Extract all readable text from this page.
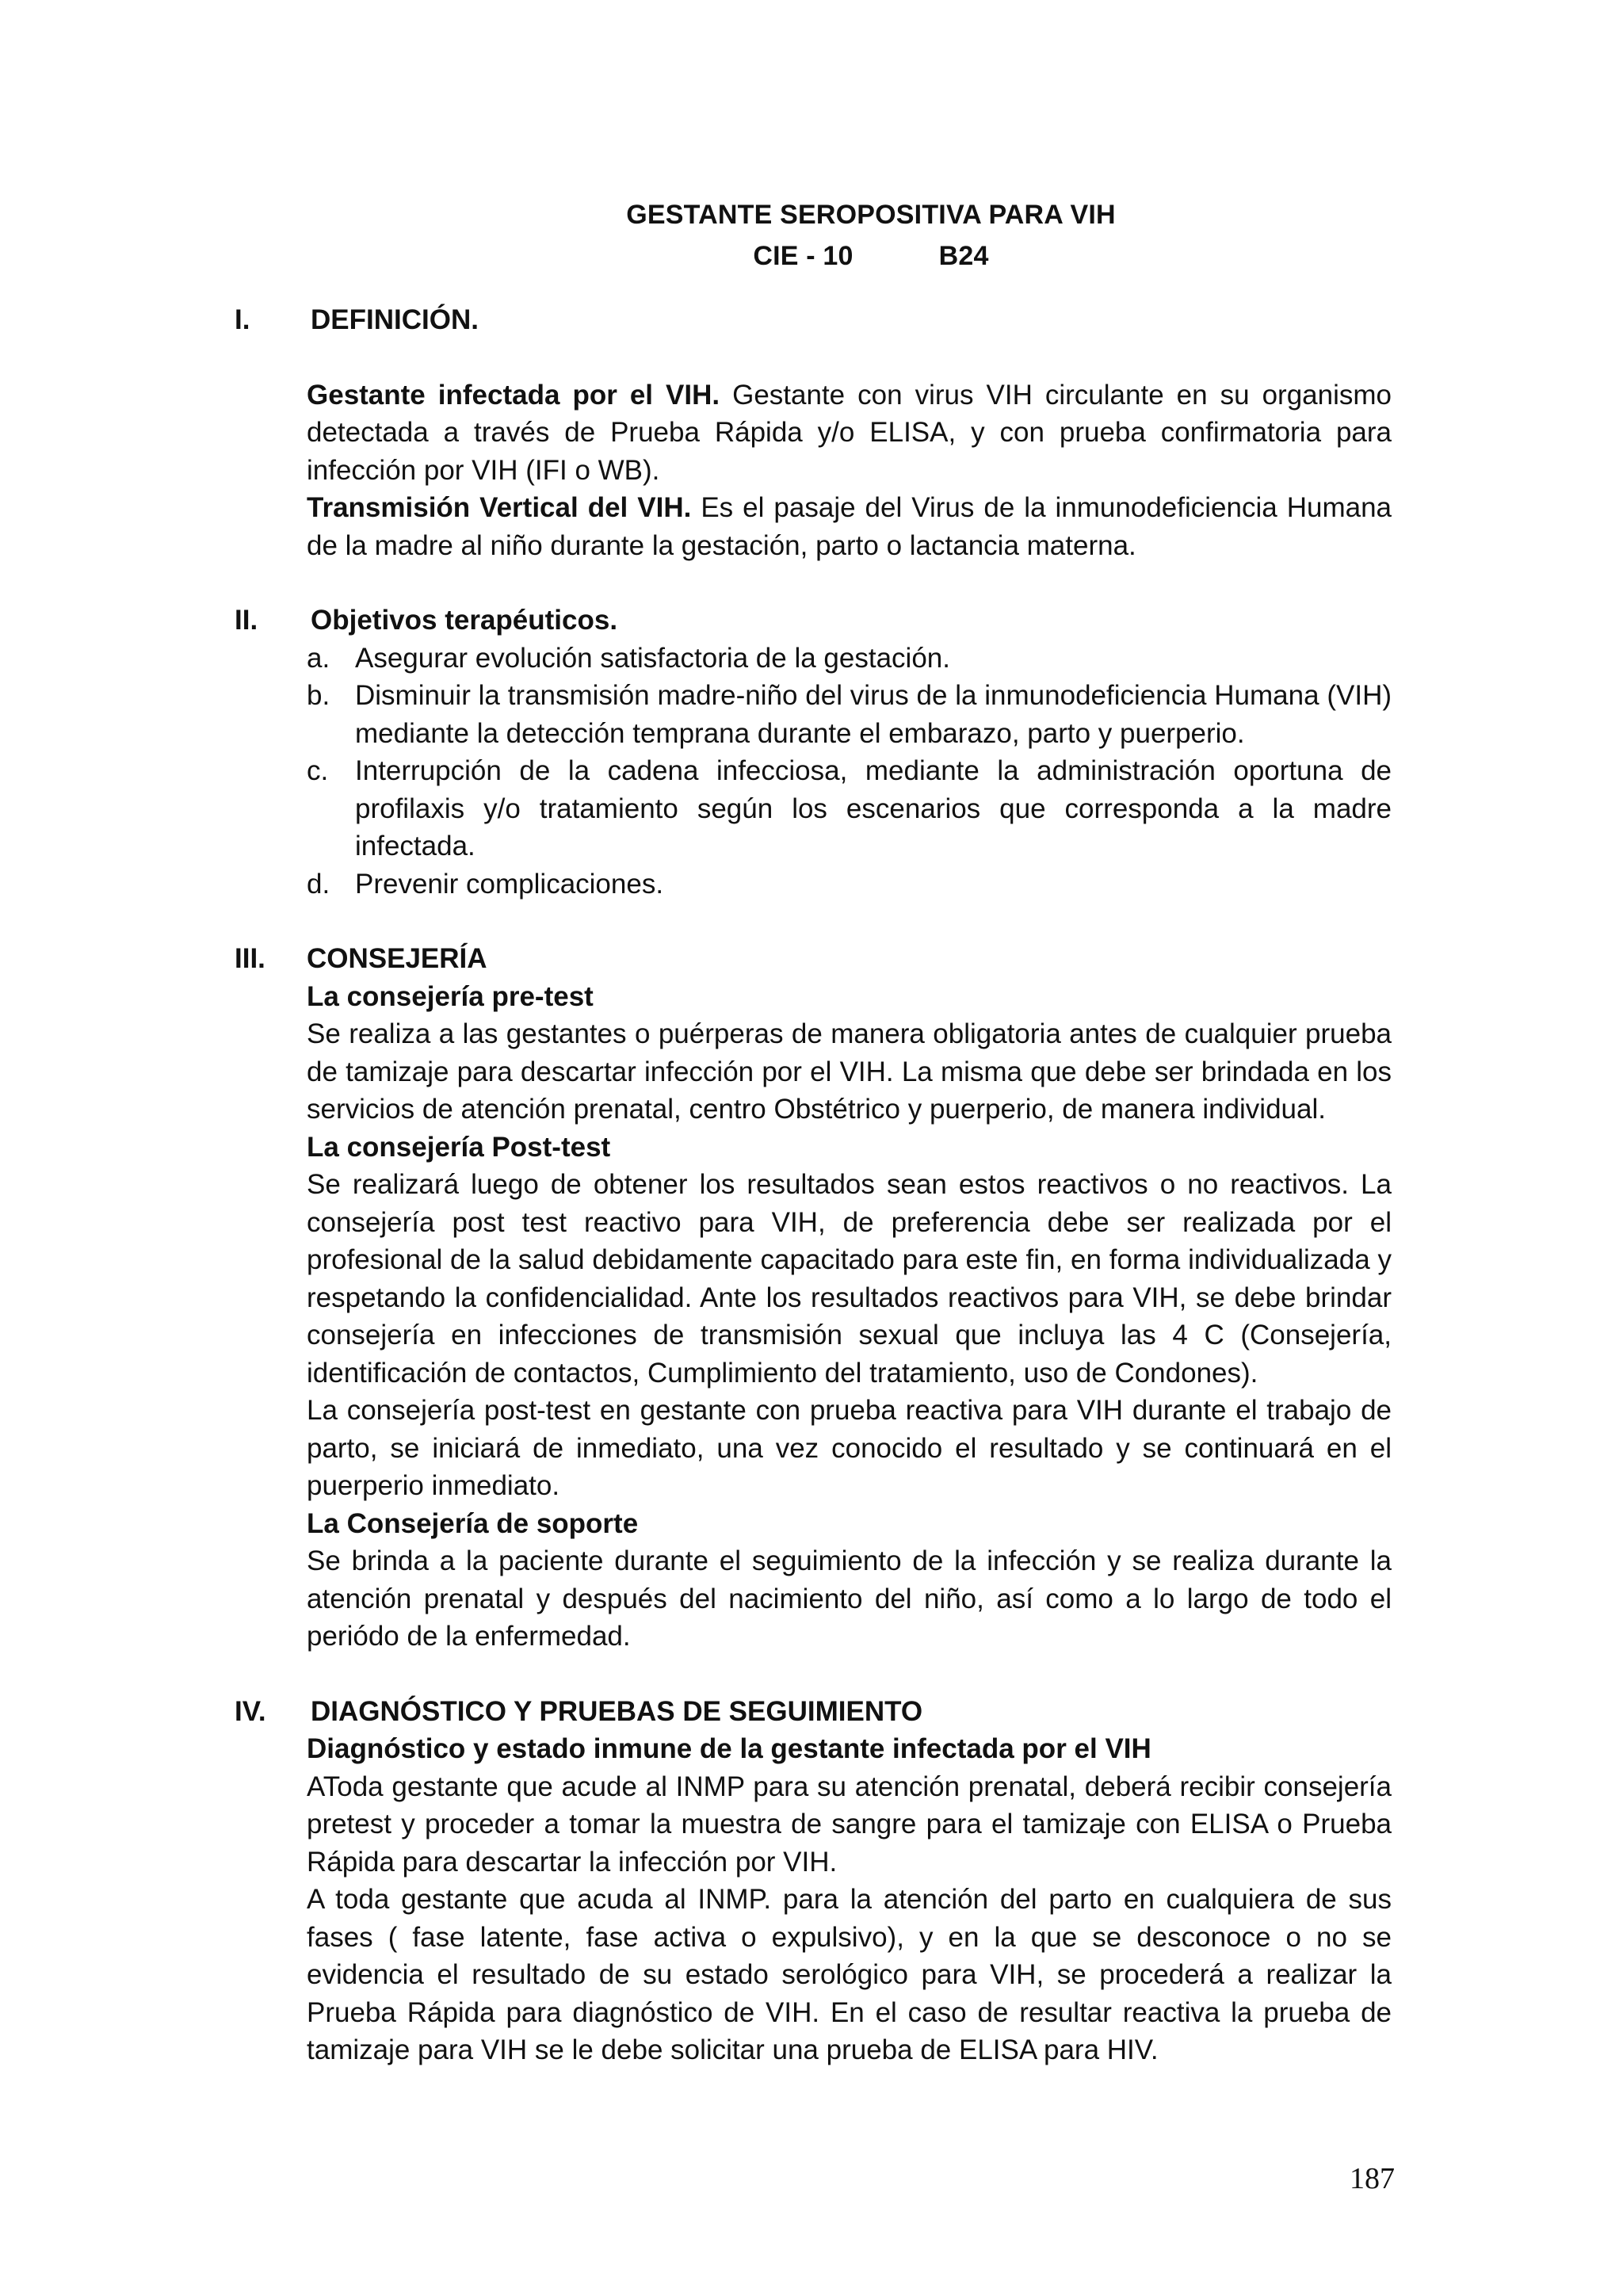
GESTANTE SEROPOSITIVA PARA VIH
CIE - 10	B24
I. DEFINICIÓN.

Gestante infectada por el VIH. Gestante con virus VIH circulante en su organismo detectada a través de Prueba Rápida y/o ELISA, y con prueba confirmatoria para infección por VIH (IFI o WB).

Transmisión Vertical del VIH. Es el pasaje del Virus de la inmunodeficiencia Humana de la madre al niño durante la gestación, parto o lactancia materna.

II. Objetivos terapéuticos.
a. Asegurar evolución satisfactoria de la gestación.
b. Disminuir la transmisión madre-niño del virus de la inmunodeficiencia Humana (VIH) mediante la detección temprana durante el embarazo, parto y puerperio.
c. Interrupción de la cadena infecciosa, mediante la administración oportuna de profilaxis y/o tratamiento según los escenarios que corresponda a la madre infectada.
d. Prevenir complicaciones.
III. CONSEJERÍA
La consejería pre-test

Se realiza a las gestantes o puérperas de manera obligatoria antes de cualquier prueba de tamizaje para descartar infección por el VIH. La misma que debe ser brindada en los servicios de atención prenatal, centro Obstétrico y puerperio, de manera individual.

La consejería Post-test

Se realizará luego de obtener los resultados sean estos reactivos o no reactivos. La consejería post test reactivo para VIH, de preferencia debe ser realizada por el profesional de la salud debidamente capacitado para este fin, en forma individualizada y respetando la confidencialidad. Ante los resultados reactivos para VIH, se debe brindar consejería en infecciones de transmisión sexual que incluya las 4 C (Consejería, identificación de contactos, Cumplimiento del tratamiento, uso de Condones).

La consejería post-test en gestante con prueba reactiva para VIH durante el trabajo de parto, se iniciará de inmediato, una vez conocido el resultado y se continuará en el puerperio inmediato.

La Consejería de soporte

Se brinda a la paciente durante el seguimiento de la infección y se realiza durante la atención prenatal y después del nacimiento del niño, así como a lo largo de todo el periódo de la enfermedad.

IV. DIAGNÓSTICO Y PRUEBAS DE SEGUIMIENTO
Diagnóstico y estado inmune de la gestante infectada por el VIH

AToda gestante que acude al INMP para su atención prenatal, deberá recibir consejería pretest y proceder a tomar la muestra de sangre para el tamizaje con ELISA o Prueba Rápida para descartar la infección por VIH.

A toda gestante que acuda al INMP. para la atención del parto en cualquiera de sus fases ( fase latente, fase activa o expulsivo), y en la que se desconoce o no se evidencia el resultado de su estado serológico para VIH, se procederá a realizar la Prueba Rápida para diagnóstico de VIH. En el caso de resultar reactiva la prueba de tamizaje para VIH se le debe solicitar una prueba de ELISA para HIV.

187
